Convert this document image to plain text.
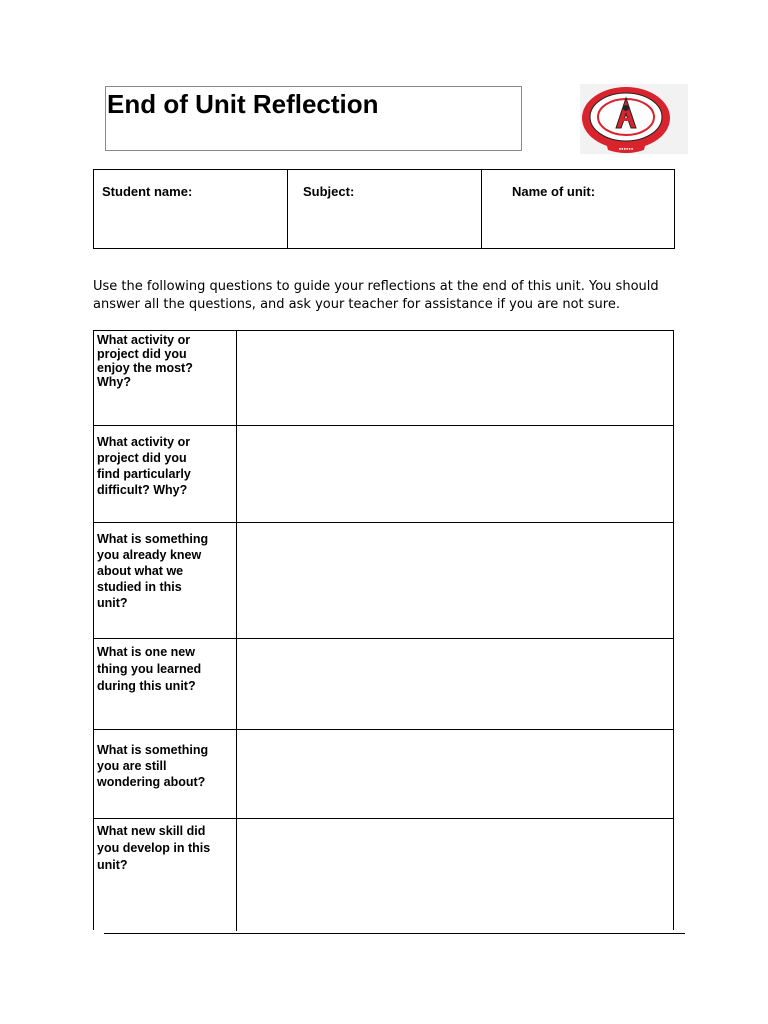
End of Unit Reflection
●●●●●●
Student name:	Subject:	Name of unit:

Use the following questions to guide your reflections at the end of this unit. You should answer all the questions, and ask your teacher for assistance if you are not sure.

What activity or
project did you
enjoy the most?
Why?
What activity or
project did you
find particularly
difficult? Why?
What is something
you already knew
about what we
studied in this
unit?
What is one new
thing you learned
during this unit?
What is something
you are still
wondering about?
What new skill did
you develop in this
unit?
